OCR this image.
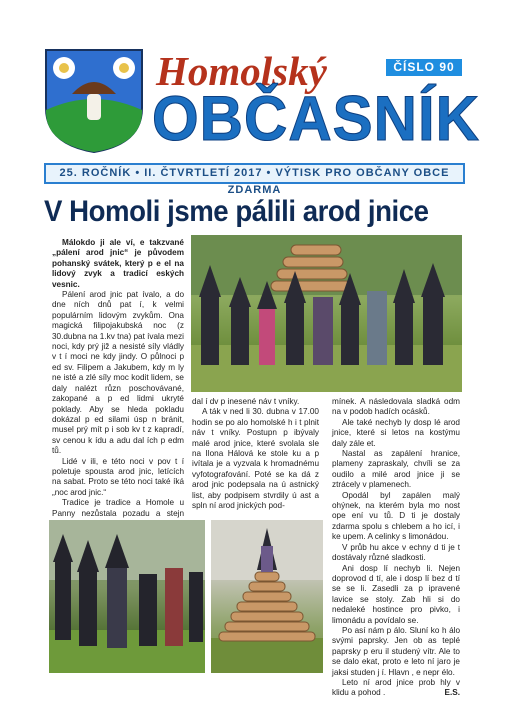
Homolský
OBČASNÍK
ČÍSLO 90
25. ROČNÍK • II. ČTVRTLETÍ 2017 • VÝTISK PRO OBČANY OBCE ZDARMA
V Homoli jsme pálili arod jnice

Málokdo ji ale ví, e takzvané „pálení arod jnic“ je původem pohanský svátek, který p e el na lidový zvyk a tradicí eských vesnic.

Pálení arod jnic pat ívalo, a do dne ních dnů pat í, k velmi populárním lidovým zvykům. Ona magická filipojakubská noc (z 30.dubna na 1.kv tna) pat ívala mezi noci, kdy prý již a nesisté síly vládly v t í moci ne kdy jindy. O půlnoci p ed sv. Filipem a Jakubem, kdy m ly ne isté a zlé síly moc kodit lidem, se daly nalézt různ poschovávané, zakopané a p ed lidmi ukryté poklady. Aby se hleda pokladu dokázal p ed silami úsp n bránit, musel prý mít p i sob kv t z kapradí, sv cenou k ídu a adu dal ích p edm tů.

Lidé v ili, e této noci v pov t í poletuje spousta arod jnic, letících na sabat. Proto se této noci také íká „noc arod jnic.“

Tradice je tradice a Homole u Panny nezůstala pozadu a stejn

dal í dv p inesené náv t vníky.

A ták v ned li 30. dubna v 17.00 hodin se po alo homolské h i t plnit náv t vníky. Postupn p ibývaly malé arod jnice, které svolala sle na Ilona Hálová ke stole ku a p ivítala je a vyzvala k hromadnému vyfotografování. Poté se ka dá z arod jnic podepsala na ú astnický list, aby podpisem stvrdily ú ast a spln ní arod jnických pod-

mínek. A následovala sladká odm na v podob hadích ocásků.

Ale také nechyb ly dosp lé arod jnice, které si letos na kostýmu daly zále et.

Nastal as zapálení hranice, plameny zapraskaly, chvíli se za oudilo a milé arod jnice ji se ztrácely v plamenech.

Opodál byl zapálen malý ohýnek, na kterém byla mo nost ope ení vu tů. D ti je dostaly zdarma spolu s chlebem a ho icí, i ke upem. A celinky s limonádou.

V průb hu akce v echny d ti je t dostávaly různé sladkosti.

Ani dosp lí nechyb li. Nejen doprovod d tí, ale i dosp lí bez d tí se se li. Zasedli za p ipravené lavice se stoly. Zab hli si do nedaleké hostince pro pivko, i limonádu a povídalo se.

Po así nám p álo. Sluní ko h álo svými paprsky. Jen ob as teplé paprsky p eru il studený vítr. Ale to se dalo ekat, proto e leto ní jaro je jaksi studen j í. Hlavn , e nepr élo.

Leto ní arod jnice prob hly v klidu a pohod .	E.S.
